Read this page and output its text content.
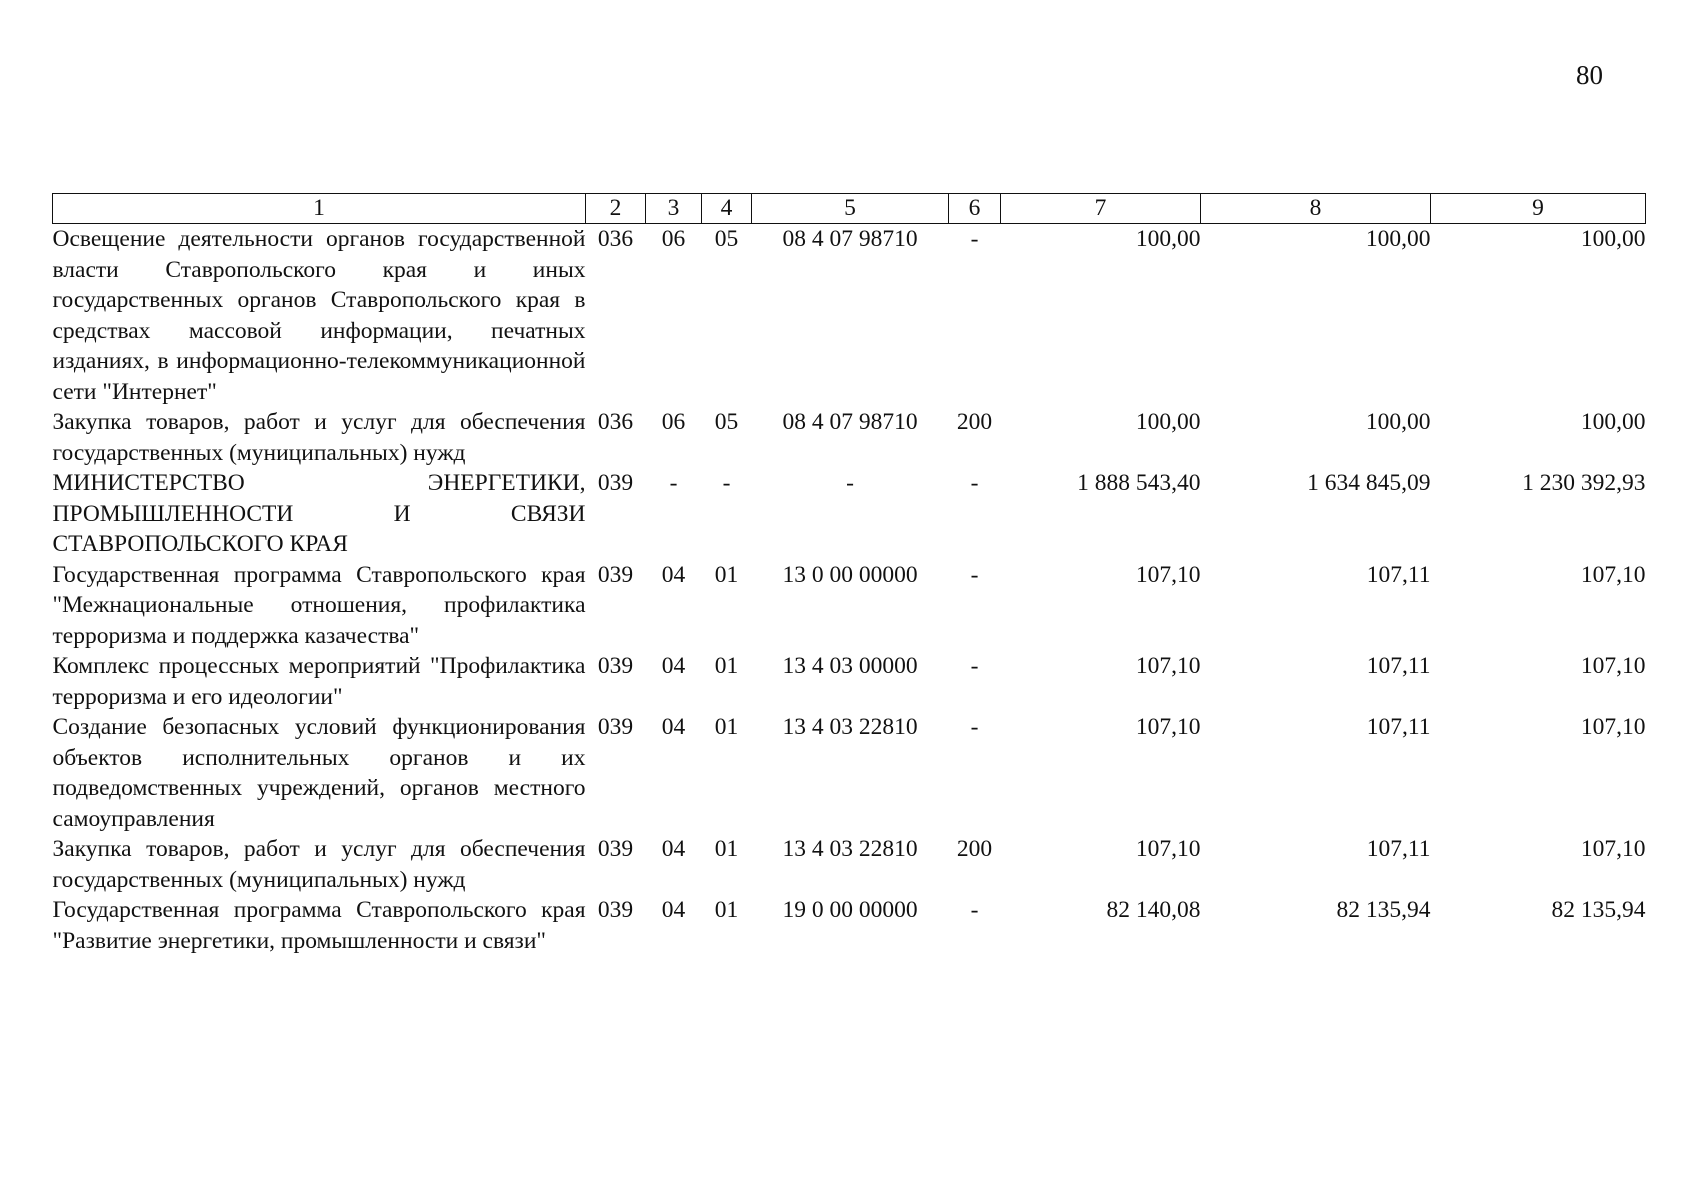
80
1	2	3	4	5	6	7	8	9
Освещение деятельности органов государственной власти Ставропольского края и иных государственных органов Ставропольского края в средствах массовой информации, печатных изданиях, в информационно-телекоммуникационной сети "Интернет"	036	06	05	08 4 07 98710	-	100,00	100,00	100,00
Закупка товаров, работ и услуг для обеспечения государственных (муниципальных) нужд	036	06	05	08 4 07 98710	200	100,00	100,00	100,00
МИНИСТЕРСТВО ЭНЕРГЕТИКИ, ПРОМЫШЛЕННОСТИ И СВЯЗИ СТАВРОПОЛЬСКОГО КРАЯ	039	-	-	-	-	1 888 543,40	1 634 845,09	1 230 392,93
Государственная программа Ставропольского края "Межнациональные отношения, профилактика терроризма и поддержка казачества"	039	04	01	13 0 00 00000	-	107,10	107,11	107,10
Комплекс процессных мероприятий "Профилактика терроризма и его идеологии"	039	04	01	13 4 03 00000	-	107,10	107,11	107,10
Создание безопасных условий функционирования объектов исполнительных органов и их подведомственных учреждений, органов местного самоуправления	039	04	01	13 4 03 22810	-	107,10	107,11	107,10
Закупка товаров, работ и услуг для обеспечения государственных (муниципальных) нужд	039	04	01	13 4 03 22810	200	107,10	107,11	107,10
Государственная программа Ставропольского края "Развитие энергетики, промышленности и связи"	039	04	01	19 0 00 00000	-	82 140,08	82 135,94	82 135,94
